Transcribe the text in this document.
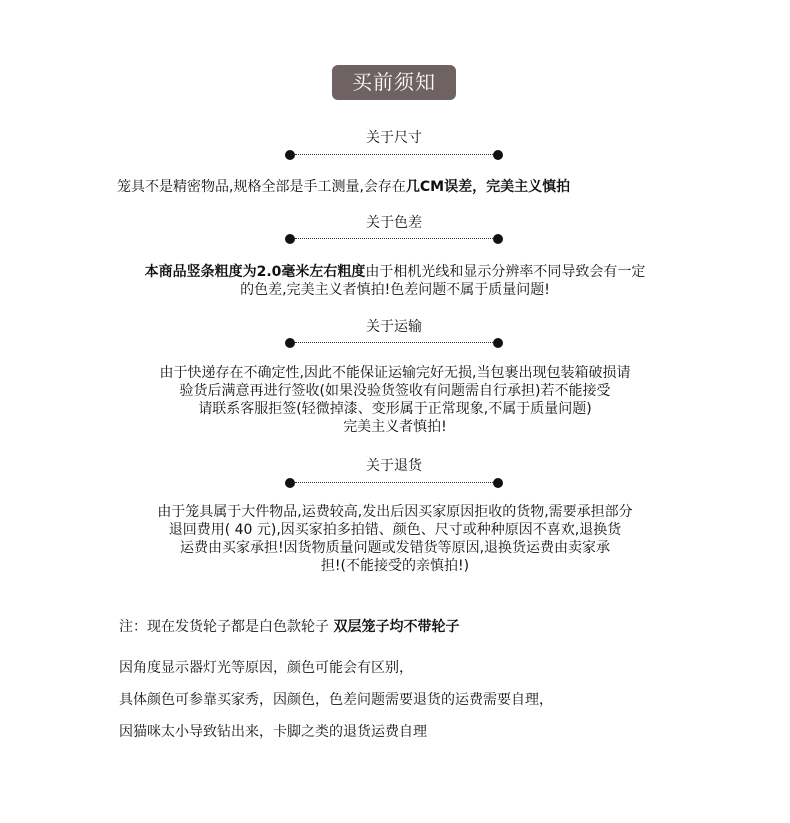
买前须知
关于尺寸
笼具不是精密物品,规格全部是手工测量,会存在几CM误差，完美主义慎拍
关于色差
本商品竖条粗度为2.0毫米左右粗度由于相机光线和显示分辨率不同导致会有一定
的色差,完美主义者慎拍!色差问题不属于质量问题!
关于运输
由于快递存在不确定性,因此不能保证运输完好无损,当包裹出现包装箱破损请
验货后满意再进行签收(如果没验货签收有问题需自行承担)若不能接受
请联系客服拒签(轻微掉漆、变形属于正常现象,不属于质量问题)
完美主义者慎拍!
关于退货
由于笼具属于大件物品,运费较高,发出后因买家原因拒收的货物,需要承担部分
退回费用( 40 元),因买家拍多拍错、颜色、尺寸或种种原因不喜欢,退换货
运费由买家承担!因货物质量问题或发错货等原因,退换货运费由卖家承
担!(不能接受的亲慎拍!)
注：现在发货轮子都是白色款轮子 双层笼子均不带轮子
因角度显示器灯光等原因，颜色可能会有区别，
具体颜色可参靠买家秀，因颜色，色差问题需要退货的运费需要自理，
因猫咪太小导致钻出来，卡脚之类的退货运费自理
